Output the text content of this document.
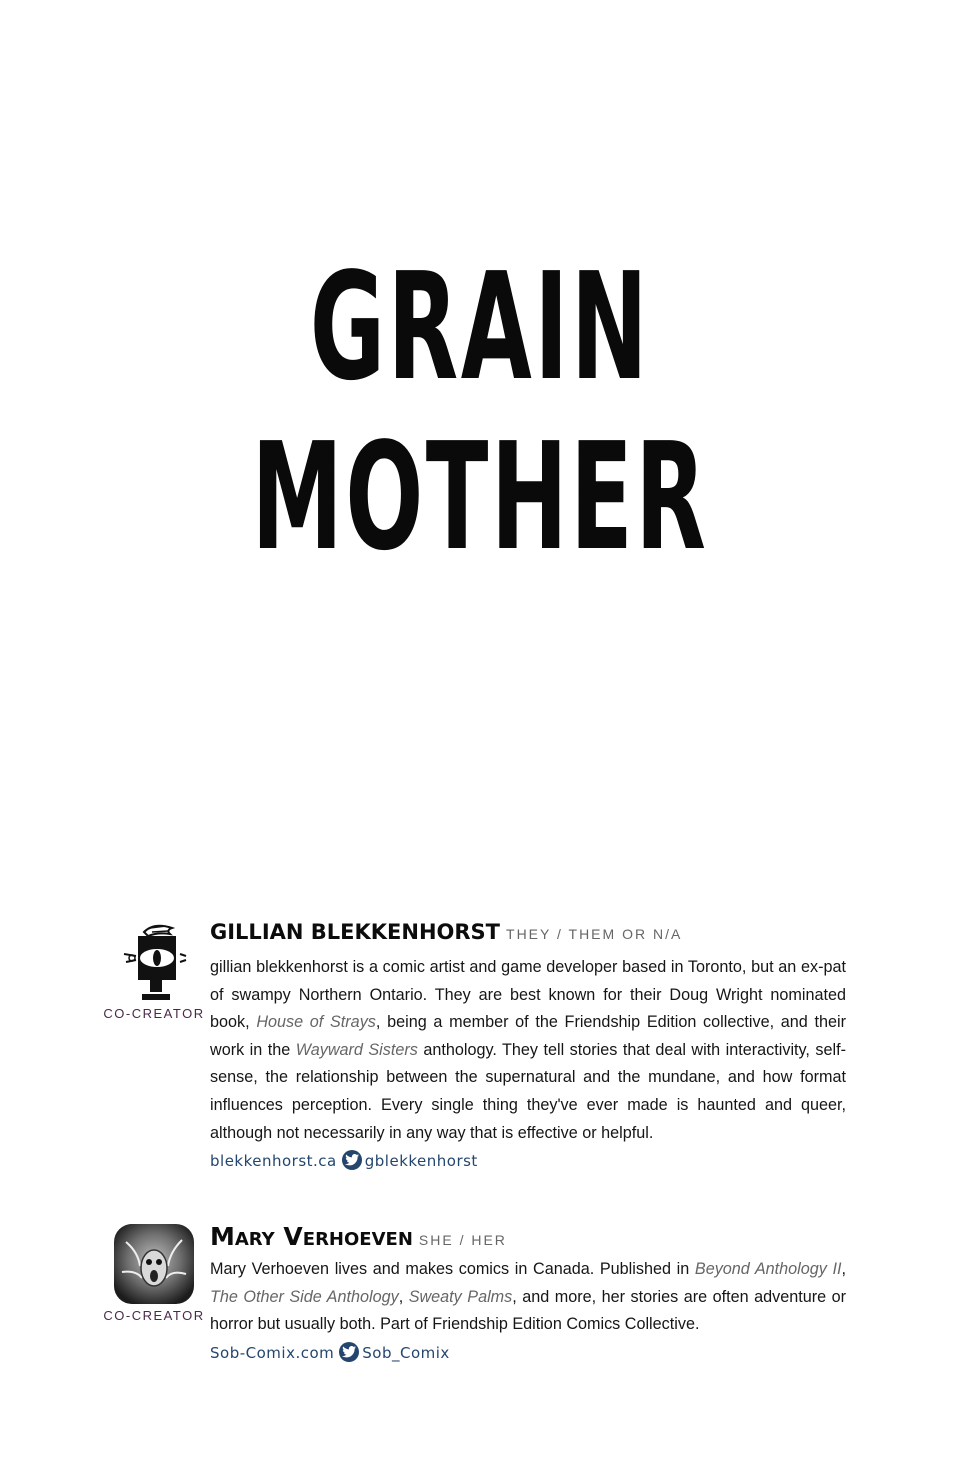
GRAIN MOTHER
CO-CREATOR
GILLIAN BLEKKENHORST THEY / THEM OR N/A
gillian blekkenhorst is a comic artist and game developer based in Toronto, but an ex-pat of swampy Northern Ontario. They are best known for their Doug Wright nominated book, House of Strays, being a member of the Friendship Edition collective, and their work in the Wayward Sisters anthology. They tell stories that deal with interactivity, self-sense, the relationship between the supernatural and the mundane, and how format influences perception. Every single thing they've ever made is haunted and queer, although not necessarily in any way that is effective or helpful.
blekkenhorst.ca gblekkenhorst
CO-CREATOR
Mary Verhoeven SHE / HER
Mary Verhoeven lives and makes comics in Canada. Published in Beyond Anthology II, The Other Side Anthology, Sweaty Palms, and more, her stories are often adventure or horror but usually both. Part of Friendship Edition Comics Collective.
Sob-Comix.com Sob_Comix
